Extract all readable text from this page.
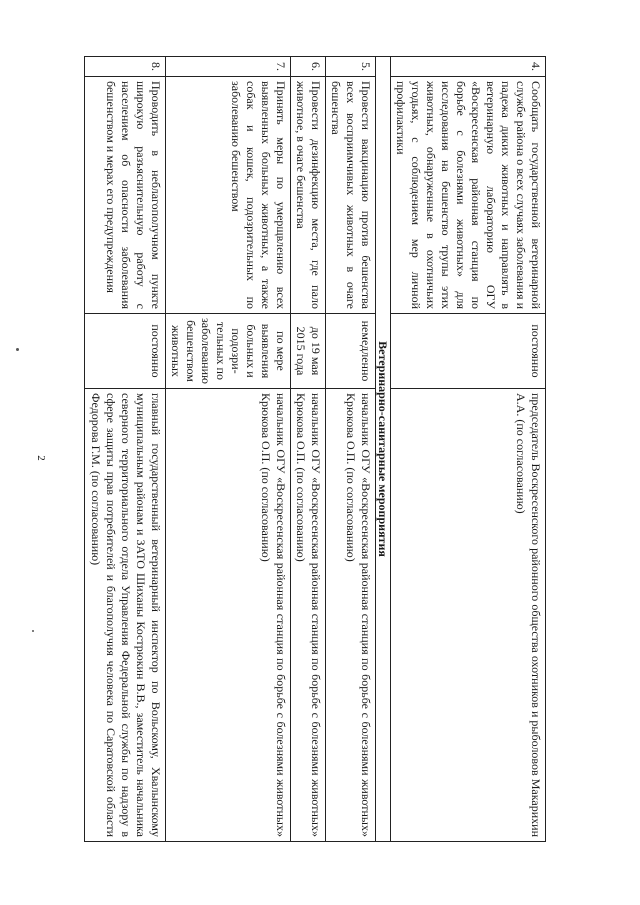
2
4.	Сообщать государственной ветеринарной службе района о всех случаях заболевания и падежа диких животных и направлять в ветеринарную лабораторию ОГУ «Воскресенская районная станция по борьбе с болезнями животных» для исследования на бешенство трупы этих животных, обнаруженные в охотничьих угодьях, с соблюдением мер личной профилактики	постоянно	председатель Воскресенского районного общества охотников и рыболовов Макарихин А.А. (по согласованию)
Ветеринарно-санитарные мероприятия			
5.	Провести вакцинацию против бешенства всех восприимчивых животных в очаге бешенства	немедленно	начальник ОГУ «Воскресенская районная станция по борьбе с болезнями животных» Крюкова О.П. (по согласованию)
6.	Провести дезинфекцию места, где пало животное, в очаге бешенства	до 19 мая 2015 года	начальник ОГУ «Воскресенская районная станция по борьбе с болезнями животных» Крюкова О.П. (по согласованию)
7.	Принять меры по умерщвлению всех выявленных больных животных, а также собак и кошек, подозрительных по заболеванию бешенством	по мере выявления больных и подозри-тельных по заболеванию бешенством животных	начальник ОГУ «Воскресенская районная станция по борьбе с болезнями животных» Крюкова О.П. (по согласованию)
8.	Проводить в неблагополучном пункте широкую разъяснительную работу с населением об опасности заболевания бешенством и мерах его предупреждения	постоянно	главный государственный ветеринарный инспектор по Вольскому, Хвалынскому муниципальным районам и ЗАТО Шиханы Кострюкин В.В., заместитель начальника северного территориального отдела Управления Федеральной службы по надзору в сфере защиты прав потребителей и благополучия человека по Саратовской области Федорова Г.М. (по согласованию)
